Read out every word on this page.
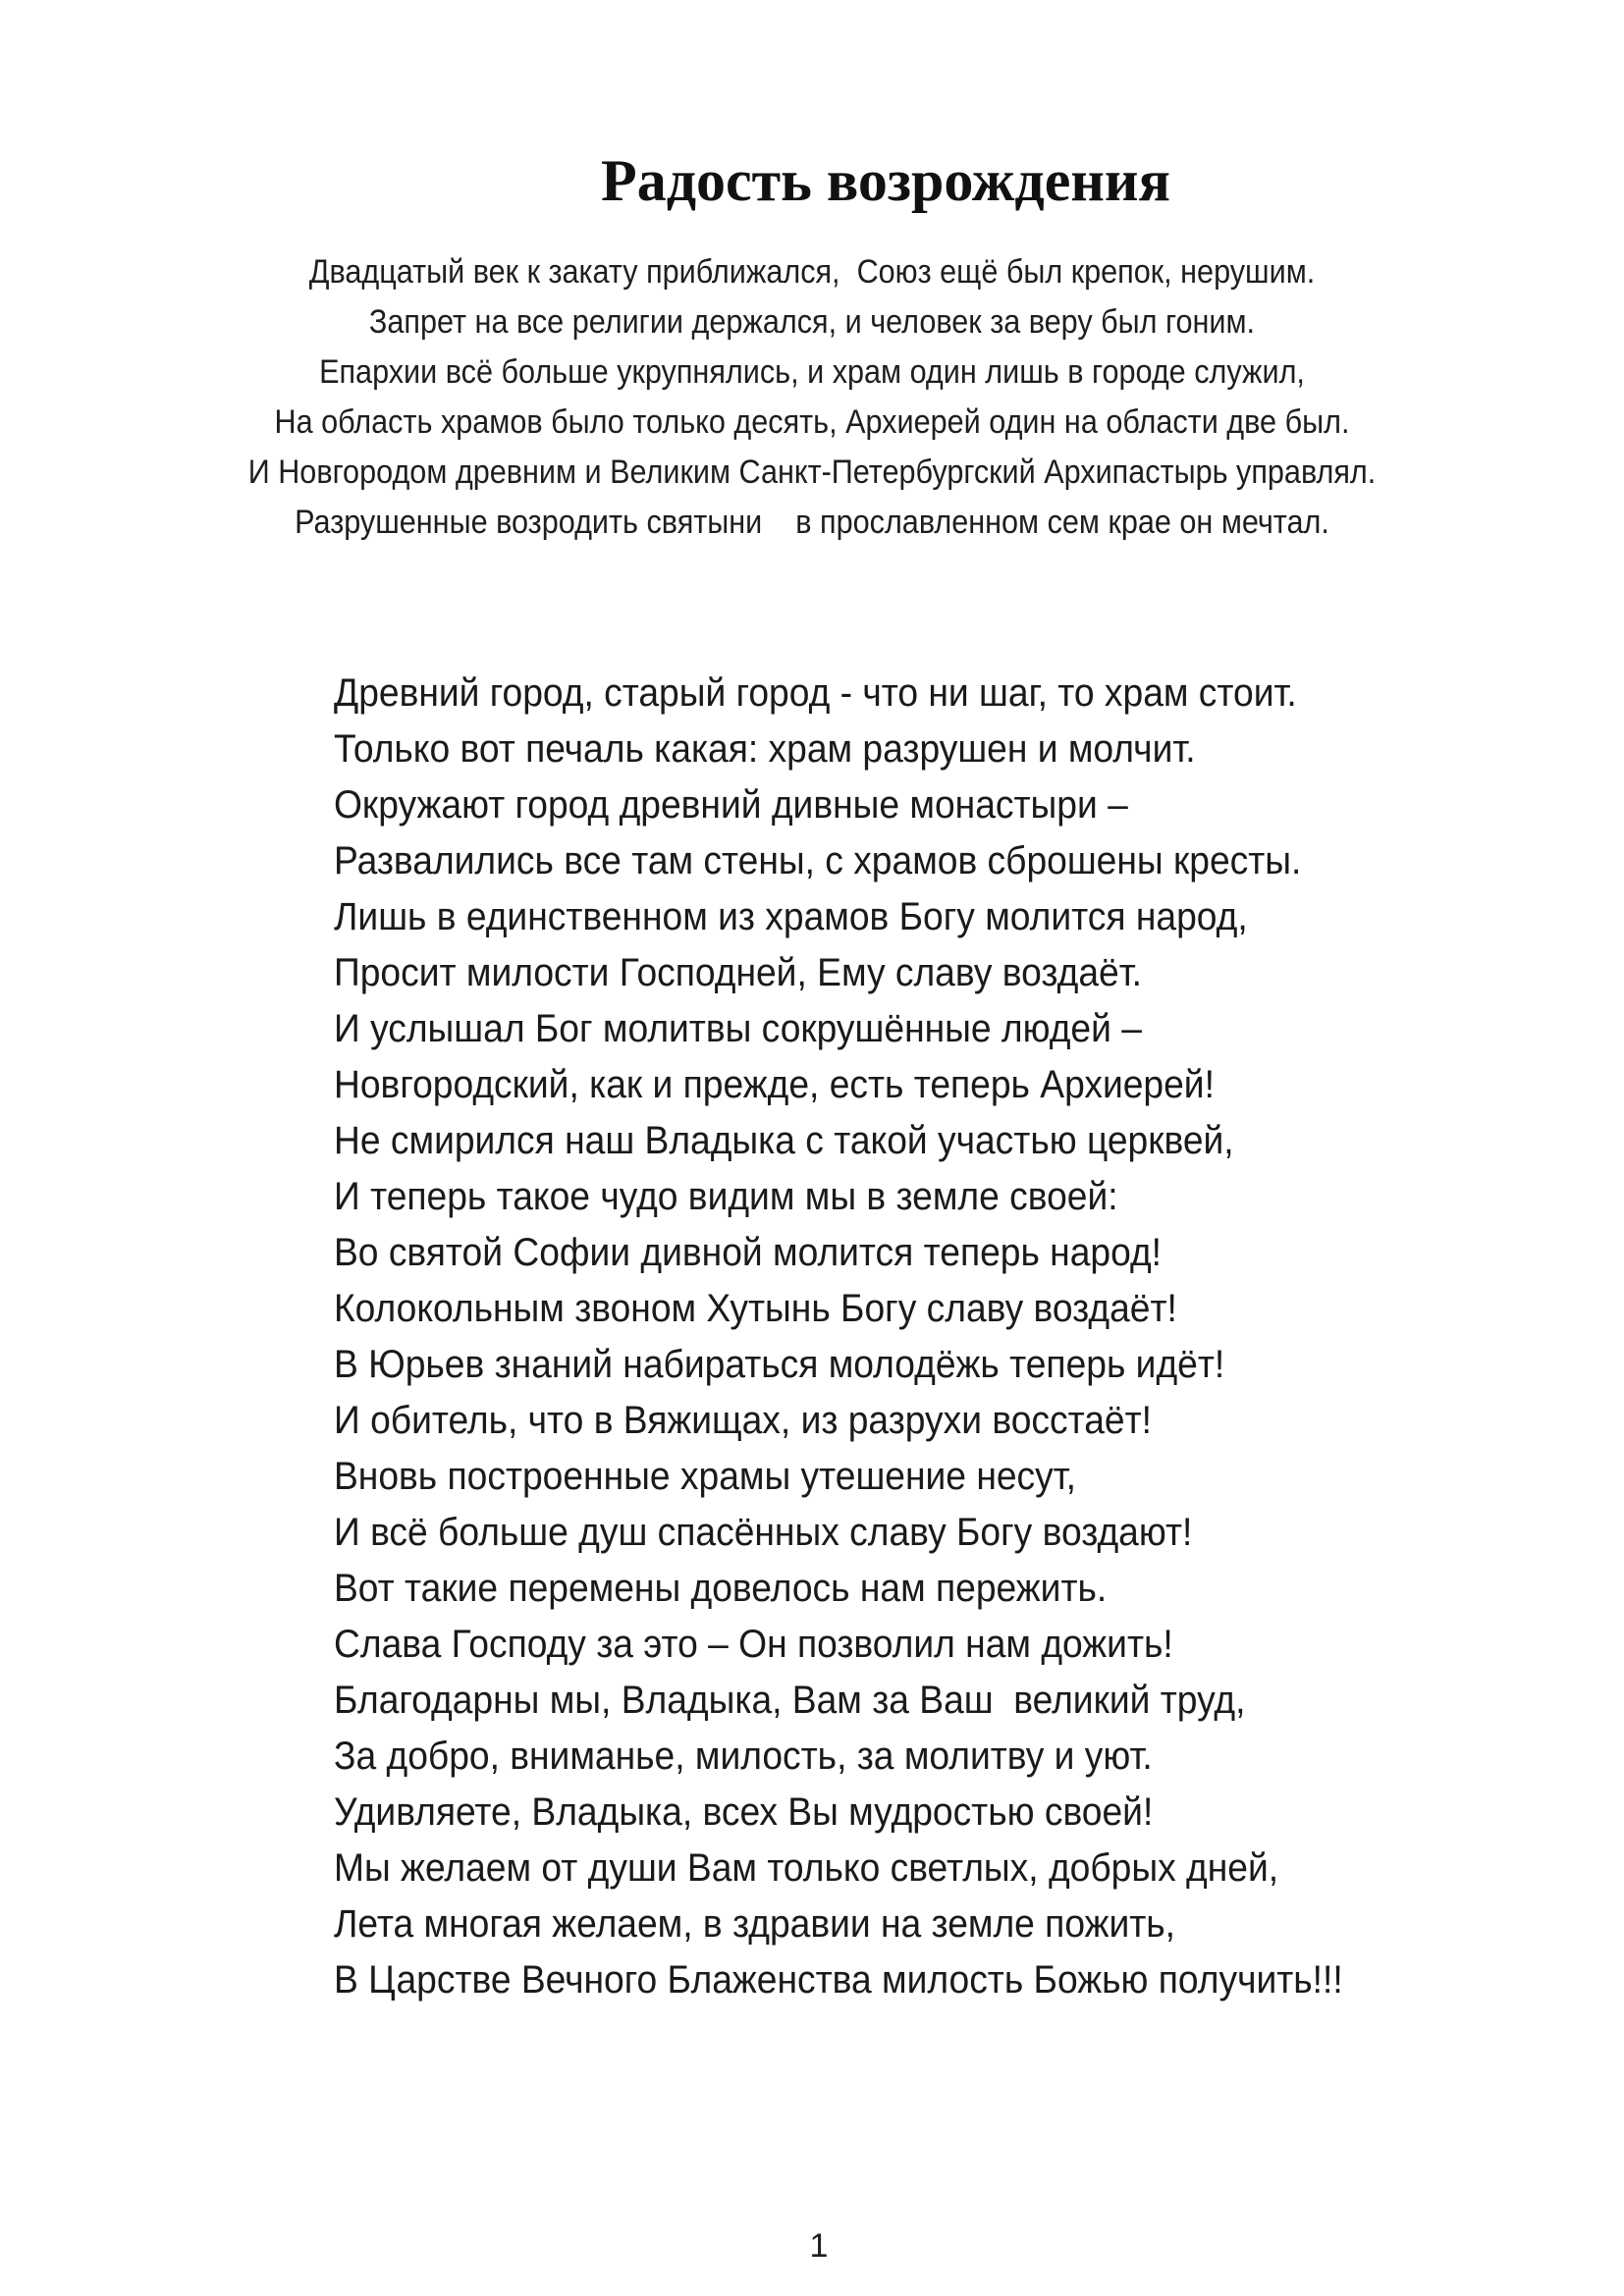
Радость возрождения
Двадцатый век к закату приближался,  Союз ещё был крепок, нерушим.
Запрет на все религии держался, и человек за веру был гоним.
Епархии всё больше укрупнялись, и храм один лишь в городе служил,
На область храмов было только десять, Архиерей один на области две был.
И Новгородом древним и Великим Санкт-Петербургский Архипастырь управлял.
Разрушенные возродить святыни    в прославленном сем крае он мечтал.
Древний город, старый город - что ни шаг, то храм стоит.
Только вот печаль какая: храм разрушен и молчит.
Окружают город древний дивные монастыри –
Развалились все там стены, с храмов сброшены кресты.
Лишь в единственном из храмов Богу молится народ,
Просит милости Господней, Ему славу воздаёт.
И услышал Бог молитвы сокрушённые людей –
Новгородский, как и прежде, есть теперь Архиерей!
Не смирился наш Владыка с такой участью церквей,
И теперь такое чудо видим мы в земле своей:
Во святой Софии дивной молится теперь народ!
Колокольным звоном Хутынь Богу славу воздаёт!
В Юрьев знаний набираться молодёжь теперь идёт!
И обитель, что в Вяжищах, из разрухи восстаёт!
Вновь построенные храмы утешение несут,
И всё больше душ спасённых славу Богу воздают!
Вот такие перемены довелось нам пережить.
Слава Господу за это – Он позволил нам дожить!
Благодарны мы, Владыка, Вам за Ваш  великий труд,
За добро, вниманье, милость, за молитву и уют.
Удивляете, Владыка, всех Вы мудростью своей!
Мы желаем от души Вам только светлых, добрых дней,
Лета многая желаем, в здравии на земле пожить,
В Царстве Вечного Блаженства милость Божью получить!!!
1
